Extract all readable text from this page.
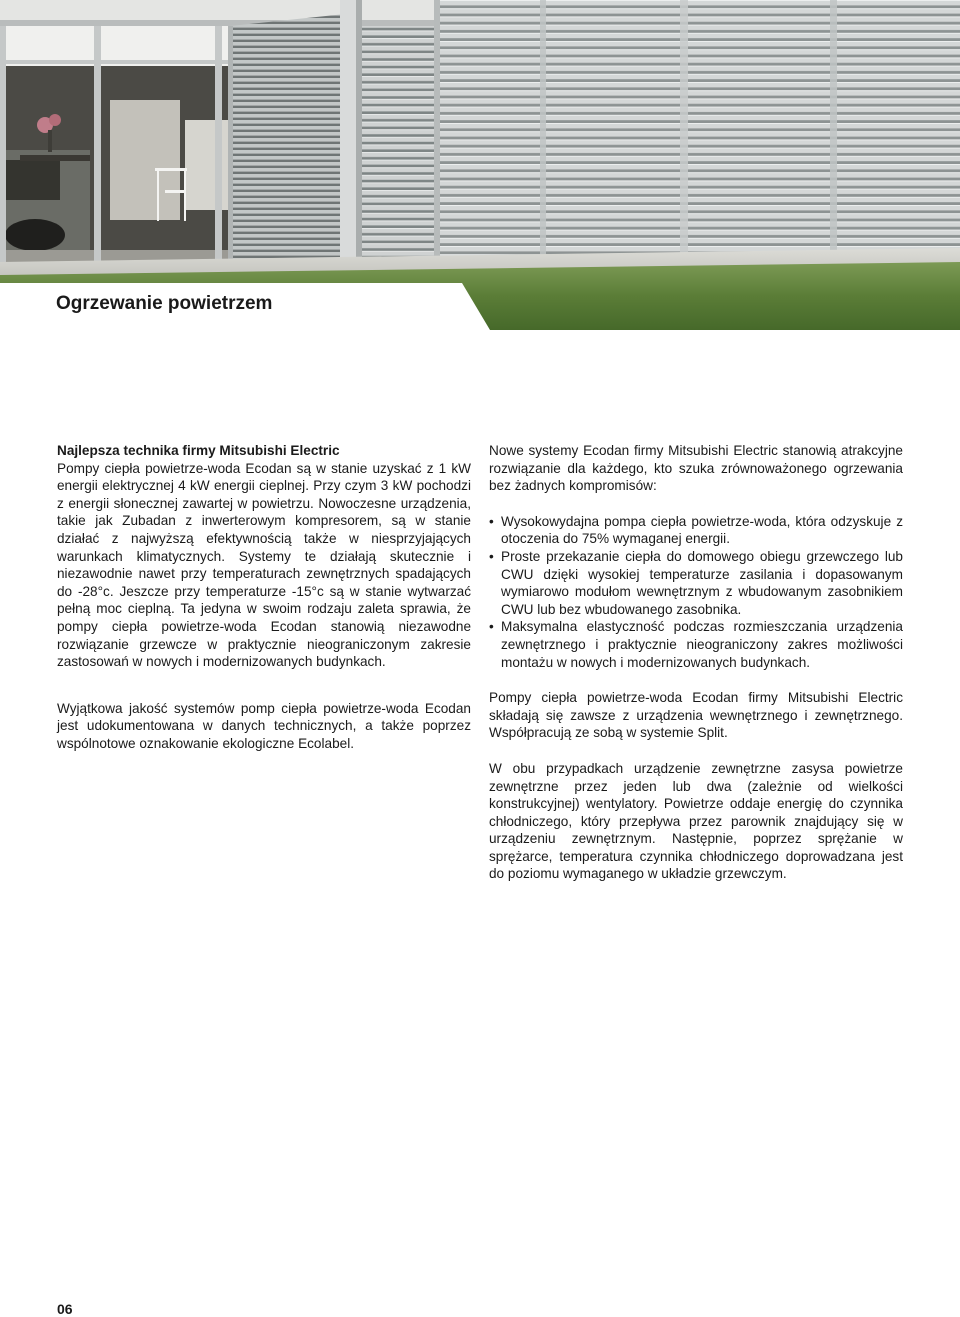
Ogrzewanie powietrzem
Najlepsza technika firmy Mitsubishi Electric

Pompy ciepła powietrze-woda Ecodan są w stanie uzyskać z 1 kW energii elektrycznej 4 kW energii cieplnej. Przy czym 3 kW pochodzi z energii słonecznej zawartej w powietrzu. Nowoczesne urządzenia, takie jak Zubadan z inwerterowym kompresorem, są w stanie działać z najwyższą efektywnością także w niesprzyjających warunkach klimatycznych. Systemy te działają skutecznie i niezawodnie nawet przy temperaturach zewnętrznych spadających do -28°c. Jeszcze przy temperaturze -15°c są w stanie wytwarzać pełną moc cieplną. Ta jedyna w swoim rodzaju zaleta sprawia, że pompy ciepła powietrze-woda Ecodan stanowią niezawodne rozwiązanie grzewcze w praktycznie nieograniczonym zakresie zastosowań w nowych i modernizowanych budynkach.

Wyjątkowa jakość systemów pomp ciepła powietrze-woda Ecodan jest udokumentowana w danych technicznych, a także poprzez wspólnotowe oznakowanie ekologiczne Ecolabel.

Nowe systemy Ecodan firmy Mitsubishi Electric stanowią atrakcyjne rozwiązanie dla każdego, kto szuka zrównoważonego ogrzewania bez żadnych kompromisów:

• Wysokowydajna pompa ciepła powietrze-woda, która odzyskuje z otoczenia do 75% wymaganej energii.
• Proste przekazanie ciepła do domowego obiegu grzewczego lub CWU dzięki wysokiej temperaturze zasilania i dopasowanym wymiarowo modułom wewnętrznym z wbudowanym zasobnikiem CWU lub bez wbudowanego zasobnika.
• Maksymalna elastyczność podczas rozmieszczania urządzenia zewnętrznego i praktycznie nieograniczony zakres możliwości montażu w nowych i modernizowanych budynkach.

Pompy ciepła powietrze-woda Ecodan firmy Mitsubishi Electric składają się zawsze z urządzenia wewnętrznego i zewnętrznego. Współpracują ze sobą w systemie Split.

W obu przypadkach urządzenie zewnętrzne zasysa powietrze zewnętrzne przez jeden lub dwa (zależnie od wielkości konstrukcyjnej) wentylatory. Powietrze oddaje energię do czynnika chłodniczego, który przepływa przez parownik znajdujący się w urządzeniu zewnętrznym. Następnie, poprzez sprężanie w sprężarce, temperatura czynnika chłodniczego doprowadzana jest do poziomu wymaganego w układzie grzewczym.

06
